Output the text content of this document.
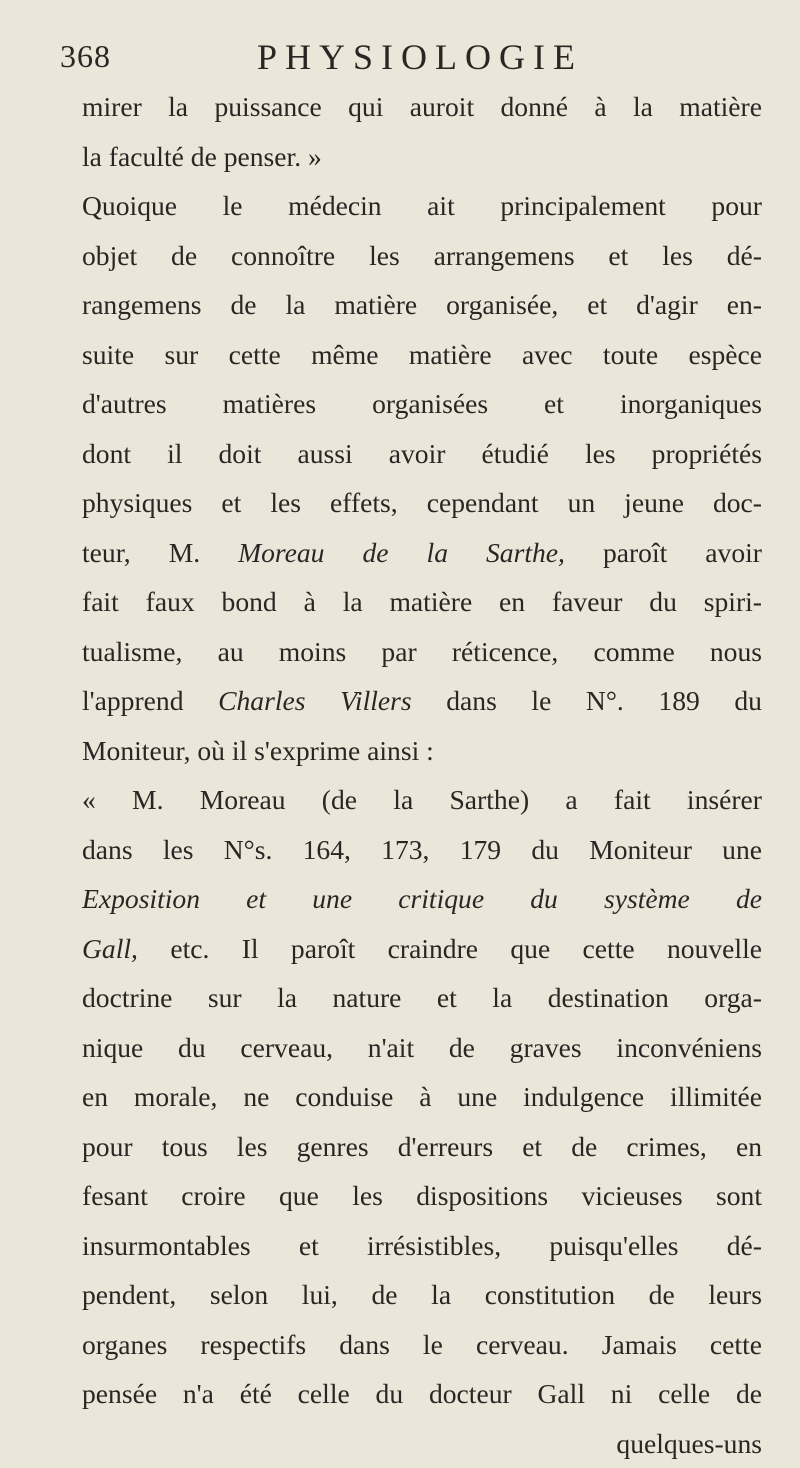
368	PHYSIOLOGIE
mirer la puissance qui auroit donné à la matière
la faculté de penser. »
Quoique le médecin ait principalement pour
objet de connoître les arrangemens et les dé-
rangemens de la matière organisée, et d'agir en-
suite sur cette même matière avec toute espèce
d'autres matières organisées et inorganiques
dont il doit aussi avoir étudié les propriétés
physiques et les effets, cependant un jeune doc-
teur, M. Moreau de la Sarthe, paroît avoir
fait faux bond à la matière en faveur du spiri-
tualisme, au moins par réticence, comme nous
l'apprend Charles Villers dans le N°. 189 du
Moniteur, où il s'exprime ainsi :
« M. Moreau (de la Sarthe) a fait insérer
dans les N°s. 164, 173, 179 du Moniteur une
Exposition et une critique du système de
Gall, etc. Il paroît craindre que cette nouvelle
doctrine sur la nature et la destination orga-
nique du cerveau, n'ait de graves inconvéniens
en morale, ne conduise à une indulgence illimitée
pour tous les genres d'erreurs et de crimes, en
fesant croire que les dispositions vicieuses sont
insurmontables et irrésistibles, puisqu'elles dé-
pendent, selon lui, de la constitution de leurs
organes respectifs dans le cerveau. Jamais cette
pensée n'a été celle du docteur Gall ni celle de
quelques-uns
